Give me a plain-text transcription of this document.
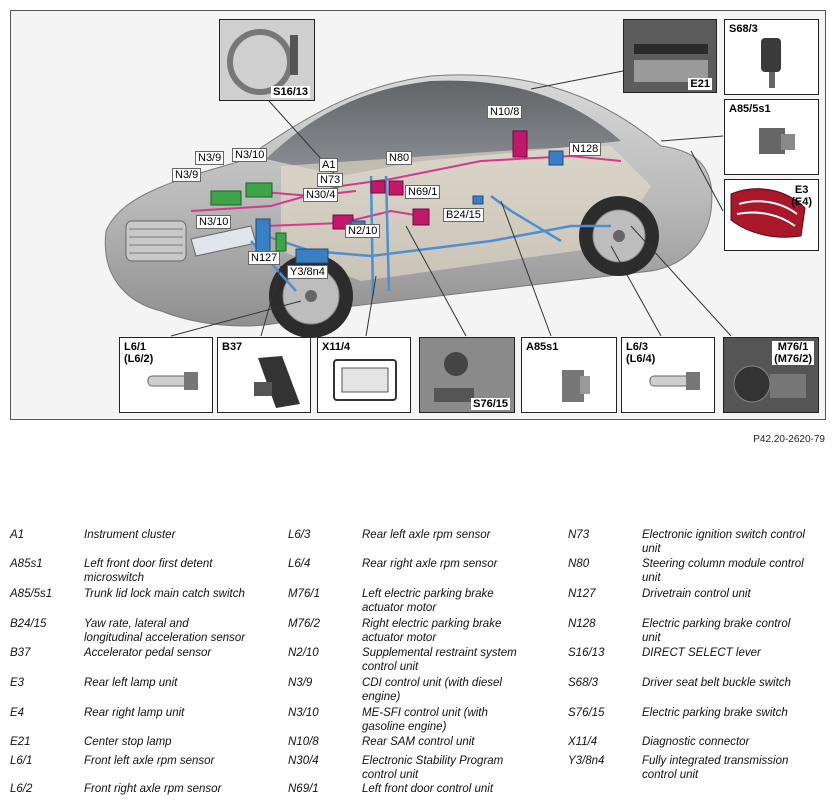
S16/13
E21
S68/3
A85/5s1
E3
(E4)
L6/1
(L6/2)
B37	X11/4
S76/15
A85s1	L6/3
(L6/4)
M76/1
(M76/2)
N10/8
N128
N3/9 N3/10
N3/9
A1
N80
N73
N69/1
N30/4
B24/15
N3/10
N2/10
N127
Y3/8n4
P42.20-2620-79
A1	Instrument cluster
A85s1	Left front door first detent microswitch
A85/5s1	Trunk lid lock main catch switch
B24/15	Yaw rate, lateral and longitudinal acceleration sensor
B37	Accelerator pedal sensor
E3	Rear left lamp unit
E4	Rear right lamp unit
E21	Center stop lamp
L6/1	Front left axle rpm sensor
L6/2	Front right axle rpm sensor
L6/3	Rear left axle rpm sensor
L6/4	Rear right axle rpm sensor
M76/1	Left electric parking brake actuator motor
M76/2	Right electric parking brake actuator motor
N2/10	Supplemental restraint system control unit
N3/9	CDI control unit (with diesel engine)
N3/10	ME-SFI control unit (with gasoline engine)
N10/8	Rear SAM control unit
N30/4	Electronic Stability Program control unit
N69/1	Left front door control unit
N73	Electronic ignition switch control unit
N80	Steering column module control unit
N127	Drivetrain control unit
N128	Electric parking brake control unit
S16/13	DIRECT SELECT lever
S68/3	Driver seat belt buckle switch
S76/15	Electric parking brake switch
X11/4	Diagnostic connector
Y3/8n4	Fully integrated transmission control unit
